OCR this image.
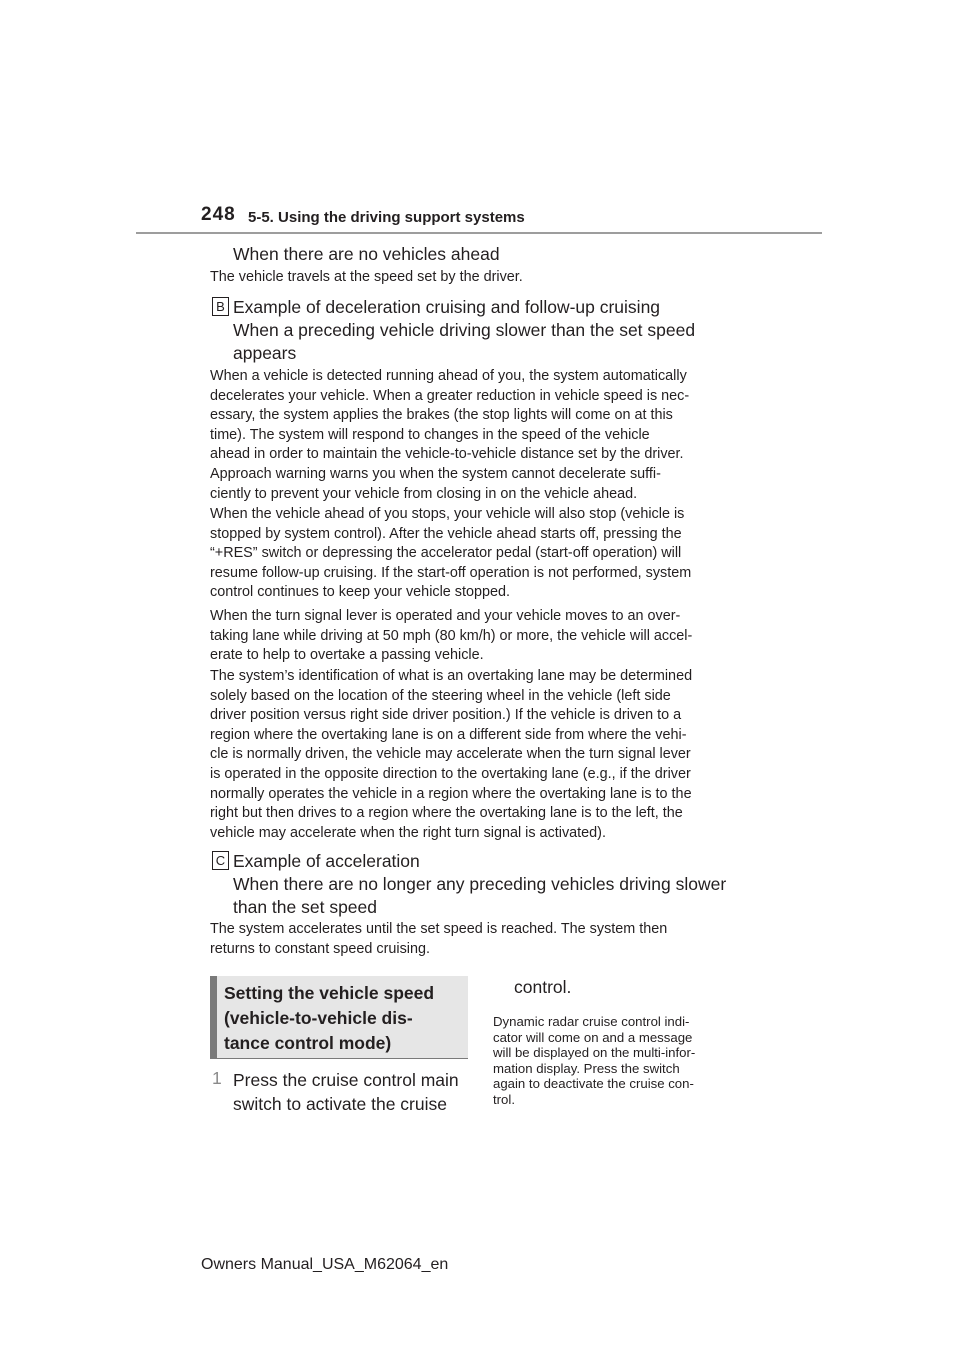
248 5-5. Using the driving support systems
When there are no vehicles ahead
The vehicle travels at the speed set by the driver.
B Example of deceleration cruising and follow-up cruising
When a preceding vehicle driving slower than the set speed
appears
When a vehicle is detected running ahead of you, the system automatically
decelerates your vehicle. When a greater reduction in vehicle speed is nec-
essary, the system applies the brakes (the stop lights will come on at this
time). The system will respond to changes in the speed of the vehicle
ahead in order to maintain the vehicle-to-vehicle distance set by the driver.
Approach warning warns you when the system cannot decelerate suffi-
ciently to prevent your vehicle from closing in on the vehicle ahead.
When the vehicle ahead of you stops, your vehicle will also stop (vehicle is
stopped by system control). After the vehicle ahead starts off, pressing the
“+RES” switch or depressing the accelerator pedal (start-off operation) will
resume follow-up cruising. If the start-off operation is not performed, system
control continues to keep your vehicle stopped.
When the turn signal lever is operated and your vehicle moves to an over-
taking lane while driving at 50 mph (80 km/h) or more, the vehicle will accel-
erate to help to overtake a passing vehicle.
The system’s identification of what is an overtaking lane may be determined
solely based on the location of the steering wheel in the vehicle (left side
driver position versus right side driver position.) If the vehicle is driven to a
region where the overtaking lane is on a different side from where the vehi-
cle is normally driven, the vehicle may accelerate when the turn signal lever
is operated in the opposite direction to the overtaking lane (e.g., if the driver
normally operates the vehicle in a region where the overtaking lane is to the
right but then drives to a region where the overtaking lane is to the left, the
vehicle may accelerate when the right turn signal is activated).
C Example of acceleration
When there are no longer any preceding vehicles driving slower
than the set speed
The system accelerates until the set speed is reached. The system then
returns to constant speed cruising.
Setting the vehicle speed
(vehicle-to-vehicle dis-
tance control mode)
1 Press the cruise control main
switch to activate the cruise
control.
Dynamic radar cruise control indi-
cator will come on and a message
will be displayed on the multi-infor-
mation display. Press the switch
again to deactivate the cruise con-
trol.
Owners Manual_USA_M62064_en
